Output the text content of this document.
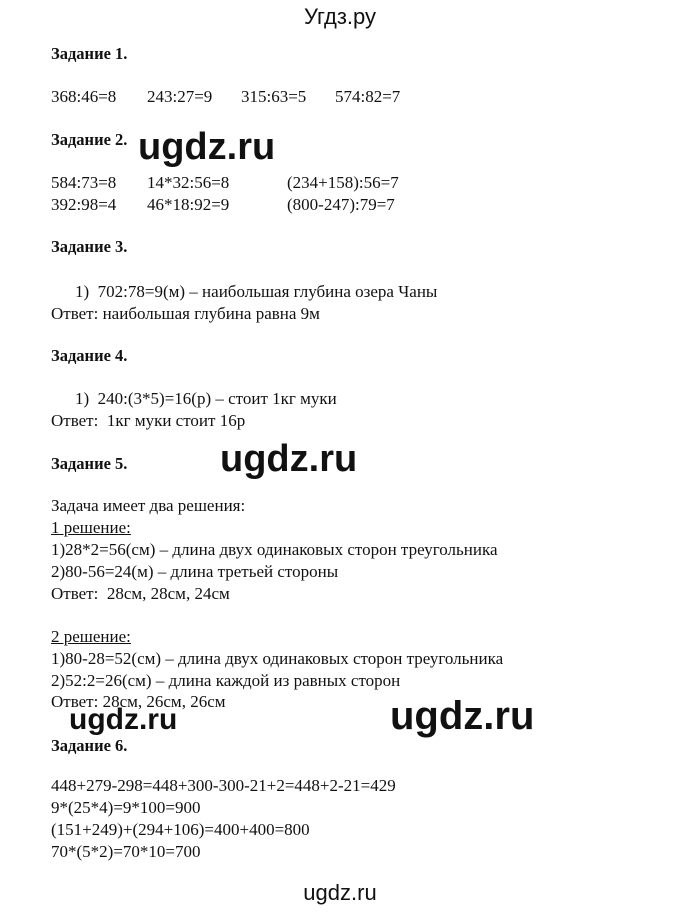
Угдз.ру
Задание 1.
368:46=8 243:27=9 315:63=5 574:82=7
Задание 2.
584:73=8 14*32:56=8	(234+158):56=7
392:98=4 46*18:92=9	(800-247):79=7
Задание 3.
1)  702:78=9(м) – наибольшая глубина озера Чаны
Ответ: наибольшая глубина равна 9м
Задание 4.
1)  240:(3*5)=16(р) – стоит 1кг муки
Ответ:  1кг муки стоит 16р
Задание 5.
Задача имеет два решения:
1 решение:
1)28*2=56(см) – длина двух одинаковых сторон треугольника
2)80-56=24(м) – длина третьей стороны
Ответ:  28см, 28см, 24см
2 решение:
1)80-28=52(см) – длина двух одинаковых сторон треугольника
2)52:2=26(см) – длина каждой из равных сторон
Ответ: 28см, 26см, 26см
Задание 6.
448+279-298=448+300-300-21+2=448+2-21=429
9*(25*4)=9*100=900
(151+249)+(294+106)=400+400=800
70*(5*2)=70*10=700
ugdz.ru
ugdz.ru
ugdz.ru	ugdz.ru
ugdz.ru
